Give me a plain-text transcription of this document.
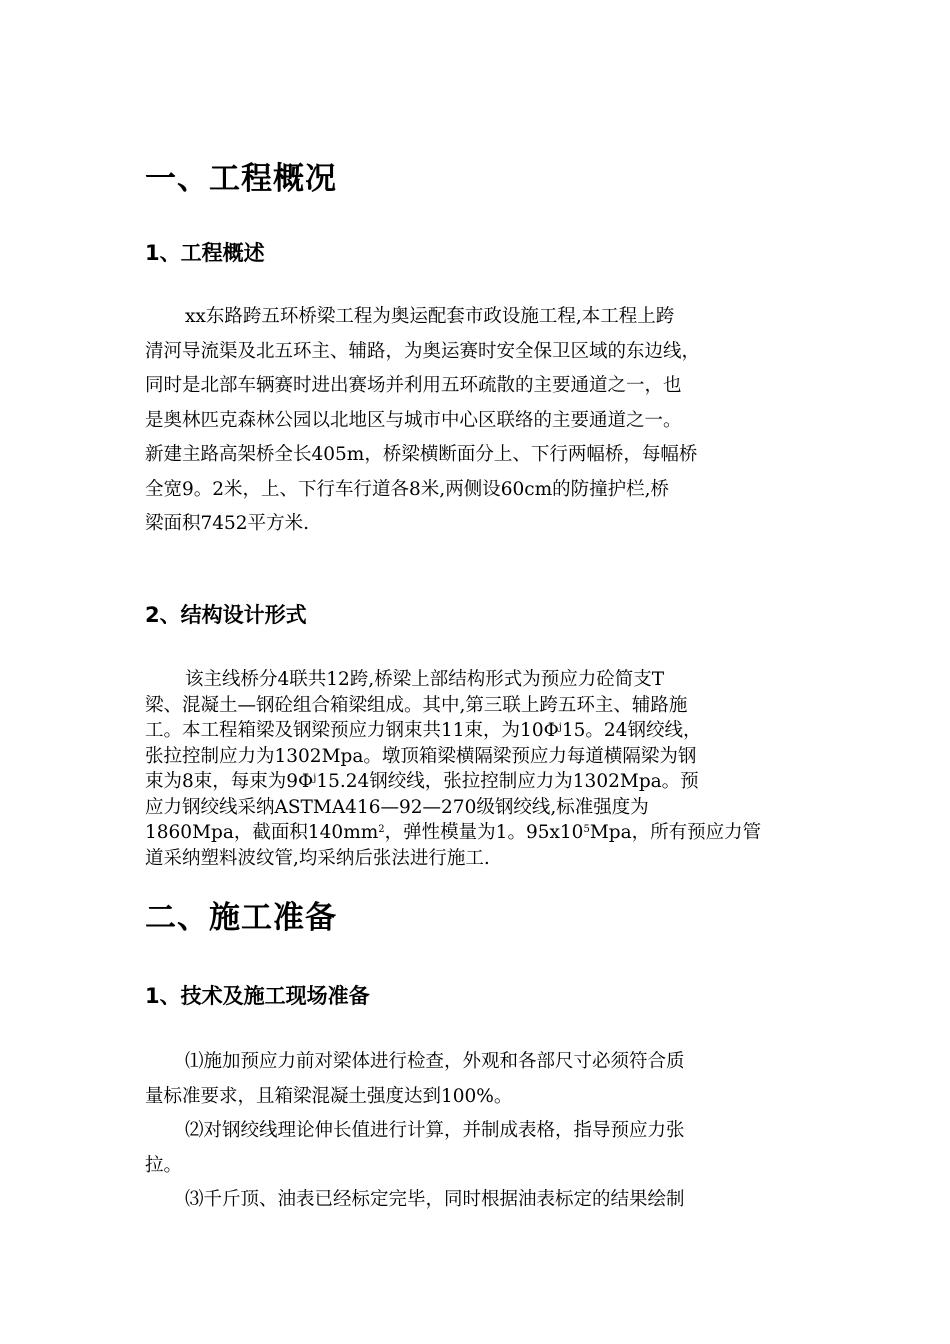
一、工程概况
1、工程概述
xx东路跨五环桥梁工程为奥运配套市政设施工程,本工程上跨
清河导流渠及北五环主、辅路，为奥运赛时安全保卫区域的东边线，
同时是北部车辆赛时进出赛场并利用五环疏散的主要通道之一，也
是奥林匹克森林公园以北地区与城市中心区联络的主要通道之一。
新建主路高架桥全长405m，桥梁横断面分上、下行两幅桥，每幅桥
全宽9。2米，上、下行车行道各8米,两侧设60cm的防撞护栏,桥
梁面积7452平方米.
2、结构设计形式
该主线桥分4联共12跨,桥梁上部结构形式为预应力砼简支T
梁、混凝土—钢砼组合箱梁组成。其中,第三联上跨五环主、辅路施
工。本工程箱梁及钢梁预应力钢束共11束，为$10\Phi^j15$。24钢绞线，
张拉控制应力为1302Mpa。墩顶箱梁横隔梁预应力每道横隔梁为钢
束为8束，每束为$9\Phi^j15.24$钢绞线，张拉控制应力为1302Mpa。预
应力钢绞线采纳ASTMA416—92—270级钢绞线,标准强度为
1860Mpa，截面积$140mm^2$，弹性模量为1。$95x10^5Mpa$，所有预应力管
道采纳塑料波纹管,均采纳后张法进行施工.
二、施工准备
1、技术及施工现场准备
⑴施加预应力前对梁体进行检查，外观和各部尺寸必须符合质
量标准要求，且箱梁混凝土强度达到100%。
⑵对钢绞线理论伸长值进行计算，并制成表格，指导预应力张
拉。
⑶千斤顶、油表已经标定完毕，同时根据油表标定的结果绘制
